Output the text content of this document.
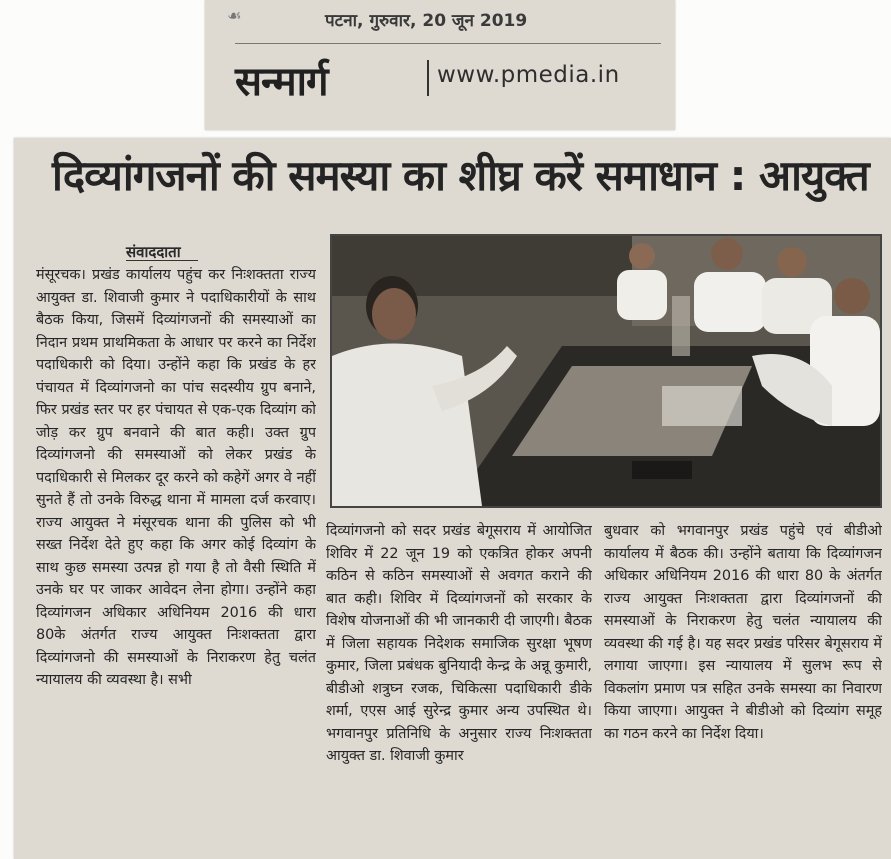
☙	पटना, गुरुवार, 20 जून 2019
सन्मार्ग	www.pmedia.in
दिव्यांगजनों की समस्या का शीघ्र करें समाधान : आयुक्त
संवाददाता
मंसूरचक। प्रखंड कार्यालय पहुंच कर निःशक्तता राज्य आयुक्त डा. शिवाजी कुमार ने पदाधिकारीयों के साथ बैठक किया, जिसमें दिव्यांगजनों की समस्याओं का निदान प्रथम प्राथमिकता के आधार पर करने का निर्देश पदाधिकारी को दिया। उन्होंने कहा कि प्रखंड के हर पंचायत में दिव्यांगजनो का पांच सदस्यीय ग्रुप बनाने, फिर प्रखंड स्तर पर हर पंचायत से एक-एक दिव्यांग को जोड़ कर ग्रुप बनवाने की बात कही। उक्त ग्रुप दिव्यांगजनो की समस्याओं को लेकर प्रखंड के पदाधिकारी से मिलकर दूर करने को कहेगें अगर वे नहीं सुनते हैं तो उनके विरुद्ध थाना में मामला दर्ज करवाए। राज्य आयुक्त ने मंसूरचक थाना की पुलिस को भी सख्त निर्देश देते हुए कहा कि अगर कोई दिव्यांग के साथ कुछ समस्या उत्पन्न हो गया है तो वैसी स्थिति में उनके घर पर जाकर आवेदन लेना होगा। उन्होंने कहा दिव्यांगजन अधिकार अधिनियम 2016 की धारा 80के अंतर्गत राज्य आयुक्त निःशक्तता द्वारा दिव्यांगजनो की समस्याओं के निराकरण हेतु चलंत न्यायालय की व्यवस्था है। सभी
दिव्यांगजनो को सदर प्रखंड बेगूसराय में आयोजित शिविर में 22 जून 19 को एकत्रित होकर अपनी कठिन से कठिन समस्याओं से अवगत कराने की बात कही। शिविर में दिव्यांगजनों को सरकार के विशेष योजनाओं की भी जानकारी दी जाएगी। बैठक में जिला सहायक निदेशक समाजिक सुरक्षा भूषण कुमार, जिला प्रबंधक बुनियादी केन्द्र के अन्नू कुमारी, बीडीओ शत्रुघ्न रजक, चिकित्सा पदाधिकारी डीके शर्मा, एएस आई सुरेन्द्र कुमार अन्य उपस्थित थे। भगवानपुर प्रतिनिधि के अनुसार राज्य निःशक्तता आयुक्त डा. शिवाजी कुमार
बुधवार को भगवानपुर प्रखंड पहुंचे एवं बीडीओ कार्यालय में बैठक की। उन्होंने बताया कि दिव्यांगजन अधिकार अधिनियम 2016 की धारा 80 के अंतर्गत राज्य आयुक्त निःशक्तता द्वारा दिव्यांगजनों की समस्याओं के निराकरण हेतु चलंत न्यायालय की व्यवस्था की गई है। यह सदर प्रखंड परिसर बेगूसराय में लगाया जाएगा। इस न्यायालय में सुलभ रूप से विकलांग प्रमाण पत्र सहित उनके समस्या का निवारण किया जाएगा। आयुक्त ने बीडीओ को दिव्यांग समूह का गठन करने का निर्देश दिया।
